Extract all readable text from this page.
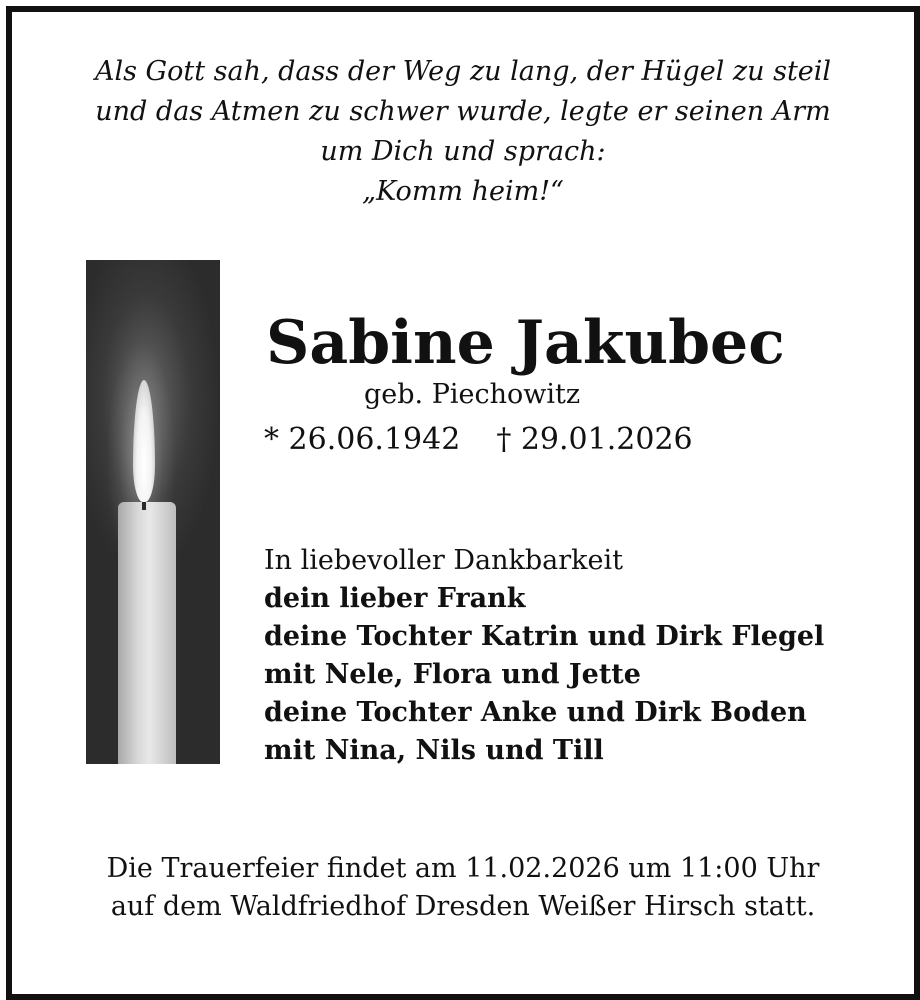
Als Gott sah, dass der Weg zu lang, der Hügel zu steil
und das Atmen zu schwer wurde, legte er seinen Arm
um Dich und sprach:
„Komm heim!“
Sabine Jakubec
geb. Piechowitz
* 26.06.1942 † 29.01.2026
In liebevoller Dankbarkeit
dein lieber Frank
deine Tochter Katrin und Dirk Flegel
mit Nele, Flora und Jette
deine Tochter Anke und Dirk Boden
mit Nina, Nils und Till
Die Trauerfeier findet am 11.02.2026 um 11:00 Uhr
auf dem Waldfriedhof Dresden Weißer Hirsch statt.
